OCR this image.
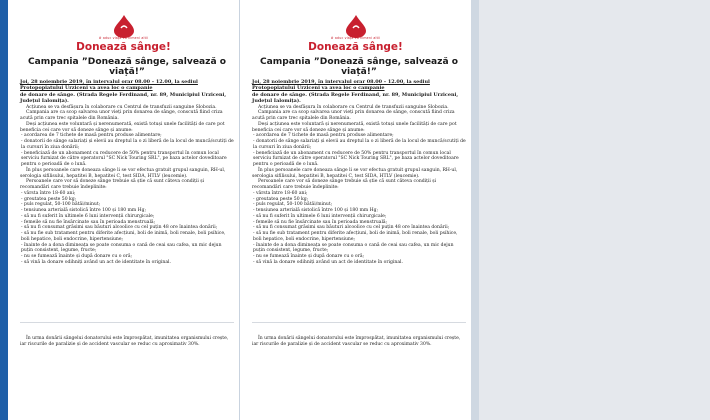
# aduc viață ca nimeni altii
Donează sânge!
Campania ”Donează sânge, salvează o viață!”

Joi, 28 noiembrie 2019, în intervalul orar 08.00 – 12.00, la sediul Protopopiatului Urziceni va avea loc o campanie

de donare de sânge. (Strada Regele Ferdinand, nr. 89, Municipiul Urziceni, Județul Ialomița).

Acțiunea se va desfășura în colaborare cu Centrul de transfuzii sanguine Slobozia.

Campania are ca scop salvarea unor vieți prin donarea de sânge, conscută fiind criza acută prin care trec spitalele din România.

Deși acțiunea este voluntară și nerenumerată, există totuși unele facilități de care pot beneficia cei care vor să doneze sânge și anume:

- acordarea de 7 tichete de masă pentru produse alimentare;

- donatorii de sânge salariați și elevii au dreptul la o zi liberă de la locul de muncă/scutiți de la cursuri în ziua donării;

- beneficiază de un abonament cu reducere de 50% pentru transportul în comun local serviciu furnizat de către operatorul "SC Nick Touring SRL", pe baza actelor doveditoare pentru o perioadă de o lună.

În plus persoanele care doneaza sânge li se vor efectua gratuit grupul sanguin, RH-ul, serologia sifilisului, hepatitei B, hepatitei C, test SIDA, HTLV (leucemie).

Persoanele care vor să doneze sânge trebuie să știe că sunt câteva condiții și recomandări care trebuie îndeplinite:

- vârsta între 18-60 ani;

- greutatea peste 50 kg;

- puls regulat, 50-100 bătăi/minut;

- tensiunea arterială sistolică între 100 și 180 mm Hg;

- să nu fi suferit în ultimele 6 luni intervenții chirurgicale;

- femeile să nu fie însărcinate sau în perioada menstruală;

- să nu fi consumat grăsimi sau băuturi alcoolice cu cel puțin 48 ore înaintea donării;

- să nu fie sub tratament pentru diferite afecțiuni, boli de inimă, boli renale, boli psihice, boli hepatice, boli endocrine, hipertensiune;

- înainte de a dona dimineața se poate consuma o cană de ceai sau cafea, un mic dejun puțin consistent, legume, fructe;

- nu se fumează înainte și după donare cu o oră;

- să vină la donare odihniți având un act de identitate în original.

În urma donării sângelui donatorului este împrospătat, imunitatea organismului crește, iar riscurile de paralizie și de accident vascular se reduc cu aproximativ 30%.
# aduc viață ca nimeni altii
Donează sânge!
Campania ”Donează sânge, salvează o viață!”

Joi, 28 noiembrie 2019, în intervalul orar 08.00 – 12.00, la sediul Protopopiatului Urziceni va avea loc o campanie

de donare de sânge. (Strada Regele Ferdinand, nr. 89, Municipiul Urziceni, Județul Ialomița).

Acțiunea se va desfășura în colaborare cu Centrul de transfuzii sanguine Slobozia.

Campania are ca scop salvarea unor vieți prin donarea de sânge, conscută fiind criza acută prin care trec spitalele din România.

Deși acțiunea este voluntară și nerenumerată, există totuși unele facilități de care pot beneficia cei care vor să doneze sânge și anume:

- acordarea de 7 tichete de masă pentru produse alimentare;

- donatorii de sânge salariați și elevii au dreptul la o zi liberă de la locul de muncă/scutiți de la cursuri în ziua donării;

- beneficiază de un abonament cu reducere de 50% pentru transportul în comun local serviciu furnizat de către operatorul "SC Nick Touring SRL", pe baza actelor doveditoare pentru o perioadă de o lună.

În plus persoanele care doneaza sânge li se vor efectua gratuit grupul sanguin, RH-ul, serologia sifilisului, hepatitei B, hepatitei C, test SIDA, HTLV (leucemie).

Persoanele care vor să doneze sânge trebuie să știe că sunt câteva condiții și recomandări care trebuie îndeplinite:

- vârsta între 18-60 ani;

- greutatea peste 50 kg;

- puls regulat, 50-100 bătăi/minut;

- tensiunea arterială sistolică între 100 și 180 mm Hg;

- să nu fi suferit în ultimele 6 luni intervenții chirurgicale;

- femeile să nu fie însărcinate sau în perioada menstruală;

- să nu fi consumat grăsimi sau băuturi alcoolice cu cel puțin 48 ore înaintea donării;

- să nu fie sub tratament pentru diferite afecțiuni, boli de inimă, boli renale, boli psihice, boli hepatice, boli endocrine, hipertensiune;

- înainte de a dona dimineața se poate consuma o cană de ceai sau cafea, un mic dejun puțin consistent, legume, fructe;

- nu se fumează înainte și după donare cu o oră;

- să vină la donare odihniți având un act de identitate în original.

În urma donării sângelui donatorului este împrospătat, imunitatea organismului crește, iar riscurile de paralizie și de accident vascular se reduc cu aproximativ 30%.
